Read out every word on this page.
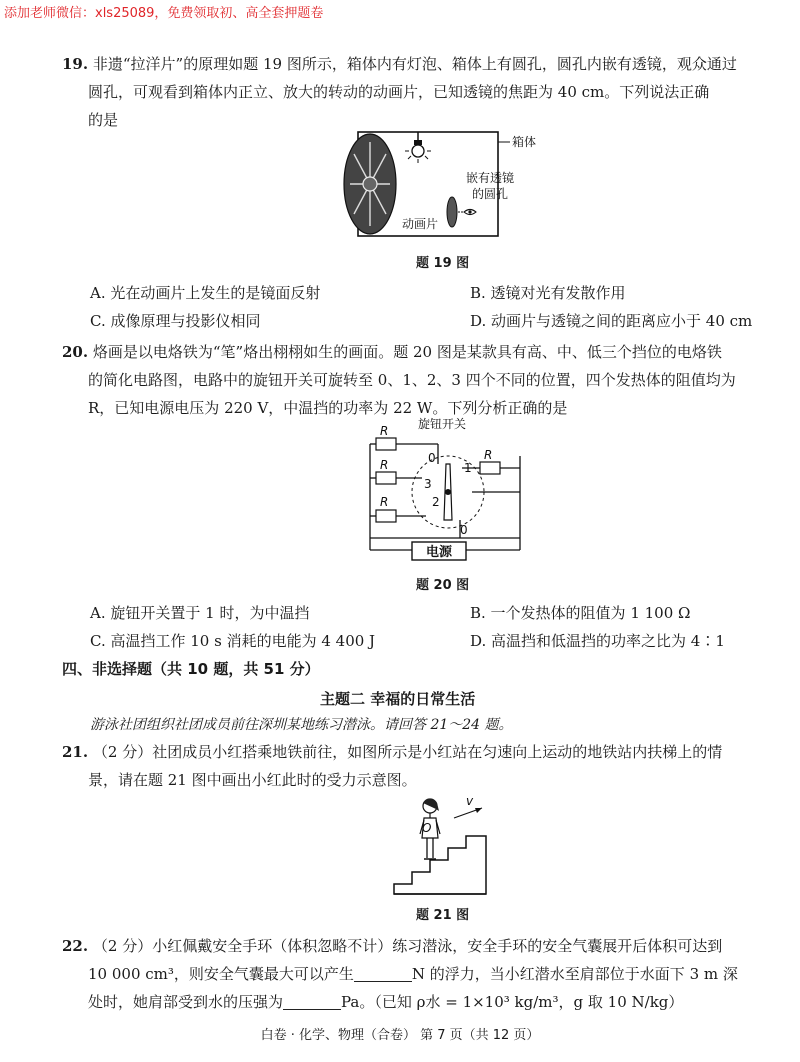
添加老师微信：xls25089，免费领取初、高全套押题卷
19. 非遗“拉洋片”的原理如题 19 图所示，箱体内有灯泡、箱体上有圆孔，圆孔内嵌有透镜，观众通过
圆孔，可观看到箱体内正立、放大的转动的动画片，已知透镜的焦距为 40 cm。下列说法正确
的是
箱体
嵌有透镜
的圆孔
动画片
题 19 图
A. 光在动画片上发生的是镜面反射	B. 透镜对光有发散作用
C. 成像原理与投影仪相同	D. 动画片与透镜之间的距离应小于 40 cm
20. 烙画是以电烙铁为“笔”烙出栩栩如生的画面。题 20 图是某款具有高、中、低三个挡位的电烙铁
的简化电路图，电路中的旋钮开关可旋转至 0、1、2、3 四个不同的位置，四个发热体的阻值均为
R，已知电源电压为 220 V，中温挡的功率为 22 W。下列分析正确的是
旋钮开关
R
R
R
R
0
1
2
3
0
电源
题 20 图
A. 旋钮开关置于 1 时，为中温挡	B. 一个发热体的阻值为 1 100 Ω
C. 高温挡工作 10 s 消耗的电能为 4 400 J	D. 高温挡和低温挡的功率之比为 4∶1
四、非选择题（共 10 题，共 51 分）
主题二 幸福的日常生活
游泳社团组织社团成员前往深圳某地练习潜泳。请回答 21～24 题。
21. （2 分）社团成员小红搭乘地铁前往，如图所示是小红站在匀速向上运动的地铁站内扶梯上的情
景，请在题 21 图中画出小红此时的受力示意图。
O
v
题 21 图
22. （2 分）小红佩戴安全手环（体积忽略不计）练习潜泳，安全手环的安全气囊展开后体积可达到
10 000 cm³，则安全气囊最大可以产生	N 的浮力，当小红潜水至肩部位于水面下 3 m 深
处时，她肩部受到水的压强为	Pa。（已知 ρ水 = 1×10³ kg/m³，g 取 10 N/kg）
白卷 · 化学、物理（合卷） 第 7 页（共 12 页）
